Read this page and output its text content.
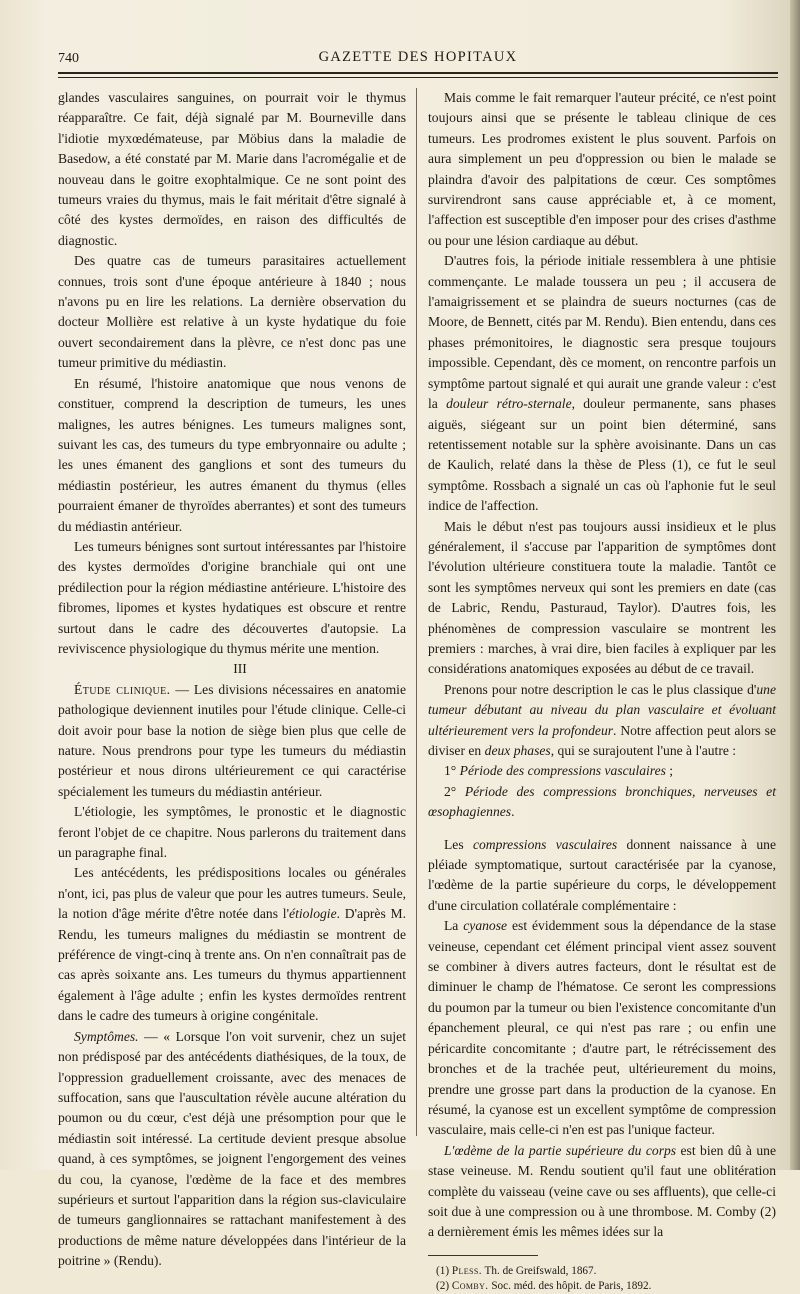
740	GAZETTE DES HOPITAUX

glandes vasculaires sanguines, on pourrait voir le thymus réapparaître. Ce fait, déjà signalé par M. Bourneville dans l'idiotie myxœdémateuse, par Möbius dans la maladie de Basedow, a été constaté par M. Marie dans l'acromégalie et de nouveau dans le goitre exophtalmique. Ce ne sont point des tumeurs vraies du thymus, mais le fait méritait d'être signalé à côté des kystes dermoïdes, en raison des difficultés de diagnostic.

Des quatre cas de tumeurs parasitaires actuellement connues, trois sont d'une époque antérieure à 1840 ; nous n'avons pu en lire les relations. La dernière observation du docteur Mollière est relative à un kyste hydatique du foie ouvert secondairement dans la plèvre, ce n'est donc pas une tumeur primitive du médiastin.

En résumé, l'histoire anatomique que nous venons de constituer, comprend la description de tumeurs, les unes malignes, les autres bénignes. Les tumeurs malignes sont, suivant les cas, des tumeurs du type embryonnaire ou adulte ; les unes émanent des ganglions et sont des tumeurs du médiastin postérieur, les autres émanent du thymus (elles pourraient émaner de thyroïdes aberrantes) et sont des tumeurs du médiastin antérieur.

Les tumeurs bénignes sont surtout intéressantes par l'histoire des kystes dermoïdes d'origine branchiale qui ont une prédilection pour la région médiastine antérieure. L'histoire des fibromes, lipomes et kystes hydatiques est obscure et rentre surtout dans le cadre des découvertes d'autopsie. La reviviscence physiologique du thymus mérite une mention.

III

Étude clinique. — Les divisions nécessaires en anatomie pathologique deviennent inutiles pour l'étude clinique. Celle-ci doit avoir pour base la notion de siège bien plus que celle de nature. Nous prendrons pour type les tumeurs du médiastin postérieur et nous dirons ultérieurement ce qui caractérise spécialement les tumeurs du médiastin antérieur.

L'étiologie, les symptômes, le pronostic et le diagnostic feront l'objet de ce chapitre. Nous parlerons du traitement dans un paragraphe final.

Les antécédents, les prédispositions locales ou générales n'ont, ici, pas plus de valeur que pour les autres tumeurs. Seule, la notion d'âge mérite d'être notée dans l'étiologie. D'après M. Rendu, les tumeurs malignes du médiastin se montrent de préférence de vingt-cinq à trente ans. On n'en connaîtrait pas de cas après soixante ans. Les tumeurs du thymus appartiennent également à l'âge adulte ; enfin les kystes dermoïdes rentrent dans le cadre des tumeurs à origine congénitale.

Symptômes. — « Lorsque l'on voit survenir, chez un sujet non prédisposé par des antécédents diathésiques, de la toux, de l'oppression graduellement croissante, avec des menaces de suffocation, sans que l'auscultation révèle aucune altération du poumon ou du cœur, c'est déjà une présomption pour que le médiastin soit intéressé. La certitude devient presque absolue quand, à ces symptômes, se joignent l'engorgement des veines du cou, la cyanose, l'œdème de la face et des membres supérieurs et surtout l'apparition dans la région sus-claviculaire de tumeurs ganglionnaires se rattachant manifestement à des productions de même nature développées dans l'intérieur de la poitrine » (Rendu).

Mais comme le fait remarquer l'auteur précité, ce n'est point toujours ainsi que se présente le tableau clinique de ces tumeurs. Les prodromes existent le plus souvent. Parfois on aura simplement un peu d'oppression ou bien le malade se plaindra d'avoir des palpitations de cœur. Ces somptômes survirendront sans cause appréciable et, à ce moment, l'affection est susceptible d'en imposer pour des crises d'asthme ou pour une lésion cardiaque au début.

D'autres fois, la période initiale ressemblera à une phtisie commençante. Le malade toussera un peu ; il accusera de l'amaigrissement et se plaindra de sueurs nocturnes (cas de Moore, de Bennett, cités par M. Rendu). Bien entendu, dans ces phases prémonitoires, le diagnostic sera presque toujours impossible. Cependant, dès ce moment, on rencontre parfois un symptôme partout signalé et qui aurait une grande valeur : c'est la douleur rétro-sternale, douleur permanente, sans phases aiguës, siégeant sur un point bien déterminé, sans retentissement notable sur la sphère avoisinante. Dans un cas de Kaulich, relaté dans la thèse de Pless (1), ce fut le seul symptôme. Rossbach a signalé un cas où l'aphonie fut le seul indice de l'affection.

Mais le début n'est pas toujours aussi insidieux et le plus généralement, il s'accuse par l'apparition de symptômes dont l'évolution ultérieure constituera toute la maladie. Tantôt ce sont les symptômes nerveux qui sont les premiers en date (cas de Labric, Rendu, Pasturaud, Taylor). D'autres fois, les phénomènes de compression vasculaire se montrent les premiers : marches, à vrai dire, bien faciles à expliquer par les considérations anatomiques exposées au début de ce travail.

Prenons pour notre description le cas le plus classique d'une tumeur débutant au niveau du plan vasculaire et évoluant ultérieurement vers la profondeur. Notre affection peut alors se diviser en deux phases, qui se surajoutent l'une à l'autre :

1° Période des compressions vasculaires ;

2° Période des compressions bronchiques, nerveuses et œsophagiennes.

Les compressions vasculaires donnent naissance à une pléiade symptomatique, surtout caractérisée par la cyanose, l'œdème de la partie supérieure du corps, le développement d'une circulation collatérale complémentaire :

La cyanose est évidemment sous la dépendance de la stase veineuse, cependant cet élément principal vient assez souvent se combiner à divers autres facteurs, dont le résultat est de diminuer le champ de l'hématose. Ce seront les compressions du poumon par la tumeur ou bien l'existence concomitante d'un épanchement pleural, ce qui n'est pas rare ; ou enfin une péricardite concomitante ; d'autre part, le rétrécissement des bronches et de la trachée peut, ultérieurement du moins, prendre une grosse part dans la production de la cyanose. En résumé, la cyanose est un excellent symptôme de compression vasculaire, mais celle-ci n'en est pas l'unique facteur.

L'œdème de la partie supérieure du corps est bien dû à une stase veineuse. M. Rendu soutient qu'il faut une oblitération complète du vaisseau (veine cave ou ses affluents), que celle-ci soit due à une compression ou à une thrombose. M. Comby (2) a dernièrement émis les mêmes idées sur la

(1) Pless. Th. de Greifswald, 1867.
(2) Comby. Soc. méd. des hôpit. de Paris, 1892.
